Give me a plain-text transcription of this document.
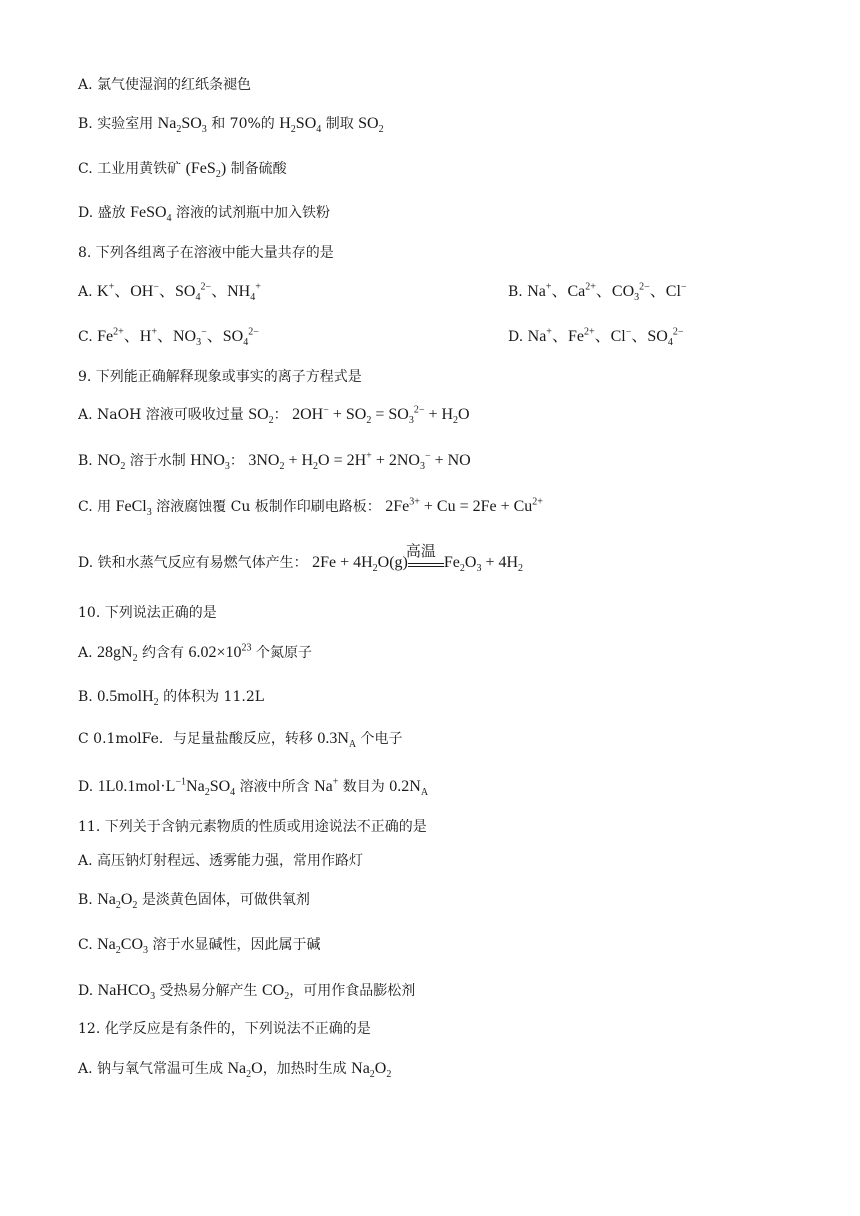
A. 氯气使湿润的红纸条褪色
B. 实验室用 $Na_2SO_3$ 和 70%的 $H_2SO_4$ 制取 $SO_2$
C. 工业用黄铁矿 (FeS$_2$) 制备硫酸
D. 盛放 FeSO$_4$ 溶液的试剂瓶中加入铁粉
8. 下列各组离子在溶液中能大量共存的是
A. K+、OH−、$SO_4^{2-}$、$NH_4^+$	B. Na+、$Ca^{2+}$、$CO_3^{2-}$、Cl−
C. $Fe^{2+}$、H+、$NO_3^-$、$SO_4^{2-}$	D. Na+、$Fe^{2+}$、Cl−、$SO_4^{2-}$
9. 下列能正确解释现象或事实的离子方程式是
A. NaOH 溶液可吸收过量 $SO_2$： $2OH^- + SO_2 = SO_3^{2-} + H_2O$
B. $NO_2$ 溶于水制 $HNO_3$： $3NO_2 + H_2O = 2H^+ + 2NO_3^-$ + NO
C. 用 FeCl$_3$ 溶液腐蚀覆 Cu 板制作印刷电路板： $2Fe^{3+} + Cu = 2Fe + Cu^{2+}$
D. 铁和水蒸气反应有易燃气体产生： $2Fe + 4H_2O(g)$
高温
$Fe_2O_3 + 4H_2$
10. 下列说法正确的是
A. $28gN_2$ 约含有 $6.02\times 10^{23}$ 个氮原子
B. 0.5molH$_2$ 的体积为 11.2L
C 0.1molFe．与足量盐酸反应，转移 $0.3N_A$ 个电子
D. $1L0.1mol\cdot L^{-1}Na_2SO_4$ 溶液中所含 Na+ 数目为 $0.2N_A$
11. 下列关于含钠元素物质的性质或用途说法不正确的是
A. 高压钠灯射程远、透雾能力强，常用作路灯
B. $Na_2O_2$ 是淡黄色固体，可做供氧剂
C. $Na_2CO_3$ 溶于水显碱性，因此属于碱
D. NaHCO$_3$ 受热易分解产生 $CO_2$，可用作食品膨松剂
12. 化学反应是有条件的，下列说法不正确的是
A. 钠与氧气常温可生成 $Na_2O$，加热时生成 $Na_2O_2$
